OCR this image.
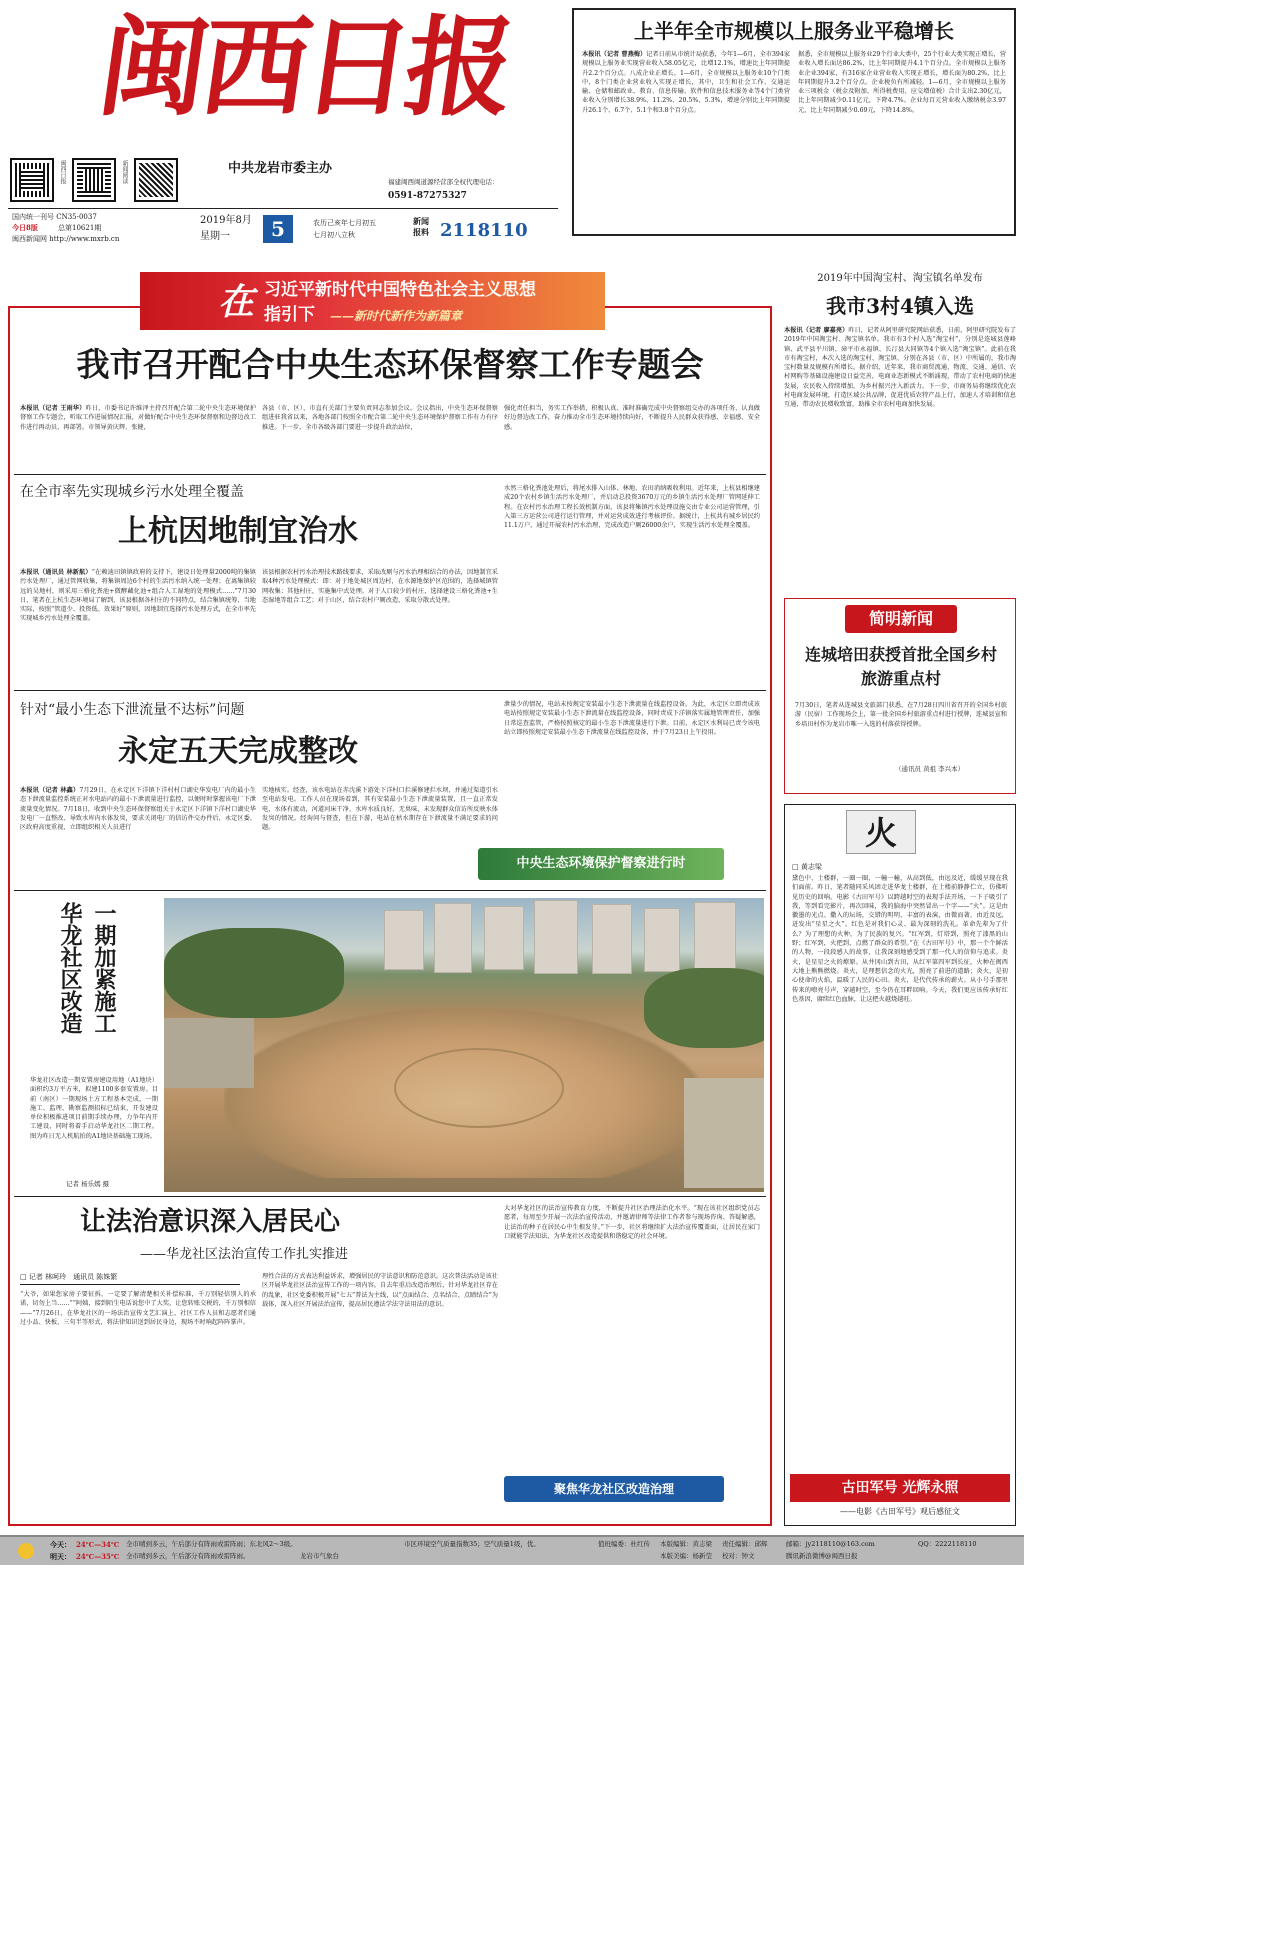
闽西日报
闽西日报	新闻阅读	中共龙岩市委主办
福建闽西闽道源经营部全权代理电话：
0591-87275327
国内统一刊号 CN35-0037
今日8版	总第10621期
闽西新闻网 http://www.mxrb.cn
2019年8月
星期一	5	农历己亥年七月初五
七月初八立秋
新闻报料 2118110
上半年全市规模以上服务业平稳增长
本报讯（记者 曹燕梅）记者日前从市统计局获悉，今年1—6月，全市394家规模以上服务业实现营业收入58.05亿元，比增12.1%，增速比上年同期提升2.2个百分点。八成企业正增长。1—6月，全市规模以上服务业10个门类中，8个门类企业营业收入实现正增长，其中，卫生和社会工作、交通运输、仓储和邮政业、教育、信息传输、软件和信息技术服务业等4个门类营业收入分别增长38.9%、11.2%、20.5%、5.3%，增速分别比上年同期提升26.1个、6.7个、5.1个和3.8个百分点。
据悉，全市规模以上服务业29个行业大类中，25个行业大类实现正增长，营业收入增长面达86.2%，比上年同期提升4.1个百分点。全市规模以上服务业企业394家，有316家企业营业收入实现正增长，增长面为80.2%，比上年同期提升3.2个百分点。企业税负有所减轻。1—6月，全市规模以上服务业三项税金（税金及附加、所得税费用、应交增值税）合计支出2.30亿元，比上年同期减少0.11亿元，下降4.7%。企业每百元营业收入缴纳税金3.97元，比上年同期减少0.69元，下降14.8%。
在 习近平新时代中国特色社会主义思想
指引下 ——新时代新作为新篇章
我市召开配合中央生态环保督察工作专题会
本报讯（记者 王雨华）昨日，市委书记许维泽主持召开配合第二轮中央生态环境保护督察工作专题会，听取工作进展情况汇报，对做好配合中央生态环保督察和边督边改工作进行再动员、再部署。市领导黄庆辉、张健，
各县（市、区）、市直有关部门主要负责同志参加会议。会议指出，中央生态环保督察组进驻我省以来，各地各部门按照全市配合第二轮中央生态环境保护督察工作有力有序推进。下一步，全市各级各部门要进一步提升政治站位，
强化责任担当，务实工作举措，积极认真、准时准确完成中央督察组交办的各项任务，认真做好边督边改工作，奋力推动全市生态环境持续向好，不断提升人民群众获得感、幸福感、安全感。
在全市率先实现城乡污水处理全覆盖
上杭因地制宜治水
本报讯（通讯员 林新航）“在赖迪田镇镇政府的支持下，建设日处理量2000吨的集镇污水处理厂，通过管网收集，将集镇周边6个村的生活污水纳入统一处理；在离集镇较远的吴地村，则采用三格化粪池+微酵藏化池+组合人工湿地的处理模式……”7月30日，笔者在上杭生态环境局了解到，该县根据各村庄的不同特点，结合集镇统筹、当地实际，按照“管道少、投资低、效果好”原则，因地制宜选择污水处理方式，在全市率先实现城乡污水处理全覆盖。
该县根据农村污水治理技术路线要求，采取改厕与污水治理相结合的办法，因地制宜采取4种污水处理模式：即：对于地处城区周边村，在水源地保护区范围的，选择城镇管网收集；其他村庄，实施集中式处理。对于人口较少的村庄，选择建设三格化粪池+生态湿地等组合工艺；对于山区，结合农村户厕改造，采取分散式处理。
水然三格化粪池处理后，将尾水排入山体、林地、农田消纳吸收利用。近年来，上杭县相继建成20个农村乡镇生活污水处理厂，并启动总投资3670万元的乡镇生活污水处理厂管网延伸工程。在农村污水治理工程长效机制方面，该县将集镇污水处理设施交由专业公司运营管理，引入第三方运营公司进行运行管理，并对运营成效进行考核评价。据统计，上杭共有城乡居民约11.1万户，通过开展农村污水治理，完成改造户厕26000余户，实现生活污水处理全覆盖。
针对“最小生态下泄流量不达标”问题
永定五天完成整改
本报讯（记者 林鑫）7月29日，在永定区下洋镇下洋村村口湖史华发电厂内的最小生态下泄流量监控系统正对水电站内的最小下泄流量进行监控，以便时时掌握该电厂下泄流量变化情况。7月18日，收到中央生态环保督察组关于永定区下洋镇下洋村口湖史华发电厂一直整改、导致水库内水体发臭，要求关闭电厂的信访件交办件后，永定区委、区政府高度重视，立即组织相关人员进行
实地核实。经查，该水电站在赤沈溪下游处下洋村口拦溪修建拦水坝，并通过渠道引水至电站发电。工作人员在现场看到，其有安装最小生态下泄流量装置，且一直正常发电，水体有流动，河道河床干净，水库水质良好、无臭味，未发现群众信访所反映水体发臭的情况。经询问与督查，但在下游，电站在枯水期存在下泄流量不满足要求的问题。
泄量少的情况，电站未按规定安装最小生态下泄流量在线监控设备。为此，永定区立即责成该电站按照规定安装最小生态下泄流量在线监控设备，同时责成下洋镇落实属地管理责任，加强日常巡查监管，严格按照核定的最小生态下泄流量进行下泄。目前，永定区水利局已责令该电站立即按照规定安装最小生态下泄流量在线监控设备，并于7月23日上午投用。
中央生态环境保护督察进行时
华龙社区改造 一期加紧施工
华龙社区改造一期安置房建设用地（A1地块）面积约3万平方米，拟建1100多套安置房。目前（南区）一期现场土方工程基本完成，一期施工、监理、勘察监测招标已结束，开发建设单位积极推进项目前期手续办理，力争年内开工建设，同时将着手启动华龙社区二期工程。图为昨日无人机航拍的A1地块基础施工现场。
记者 杨乐嫣 摄
让法治意识深入居民心
——华龙社区法治宣传工作扎实推进
□ 记者 林呵玲　通讯员 陈姝繁
“大爷，如果您家房子要征拆，一定要了解清楚相关补偿标准，千万别轻信别人的承诺，切勿上当……”“阿姨，接到陌生电话说您中了大奖，让您转账交税的，千万别相信——”7月26日，在华龙社区的一场法治宣传文艺汇演上，社区工作人员和志愿者们通过小品、快板、三句半等形式，将法律知识送到居民身边，现场不时响起阵阵掌声。
理性合法的方式表达利益诉求，增强居民的守法意识和防范意识。这次普法活动是该社区开展华龙社区法治宣传工作的一项内容。自去年重启改造治理后，针对华龙社区存在的乱象，社区党委积极开展“七五”普法为主线，以“点面结合、点名结合、点睛结合”为载体，深入社区开展法治宣传，提高居民遵法学法守法用法的意识。
大对华龙社区的法治宣传教育力度，不断提升社区治理法治化水平。“现在该社区组织党员志愿者，每周至少开展一次法治宣传活动，并邀请律师等法律工作者参与现场咨询、答疑解惑，让法治的种子在居民心中生根发芽。”下一步，社区将继续扩大法治宣传覆盖面，让居民在家门口就能学法知法，为华龙社区改造提供和谐稳定的社会环境。
聚焦华龙社区改造治理
2019年中国淘宝村、淘宝镇名单发布
我市3村4镇入选
本报讯（记者 廖嘉亮）昨日，记者从阿里研究院网站获悉，日前，阿里研究院发布了2019年中国淘宝村、淘宝镇名单。我市有3个村入选“淘宝村”，分别是连城县莲峰镇、武平县平川镇、漳平市永福镇、长汀县大同镇等4个镇入选“淘宝镇”。此前在我市有淘宝村，本次入选的淘宝村、淘宝镇、分别在各县（市、区）中所属的，我市淘宝村数量及规模有所增长。据介绍，近年来，我市商贸流通、物流、交通、通信、农村网购等基础设施建设日益完善，电商业态新模式不断涌现，带动了农村电商的快速发展，农民收入持续增加，为乡村振兴注入新活力。下一步，市商务局将继续优化农村电商发展环境，打造区域公共品牌，促进优质农特产品上行，加速人才培训和信息互通，带动农民增收致富，助推全市农村电商加快发展。
简明新闻
连城培田获授首批全国乡村旅游重点村
7月30日，笔者从连城县文旅部门获悉，在7月28日四川省召开的全国乡村旅游（民宿）工作现场会上，第一批全国乡村旅游重点村进行授牌，连城县宣和乡培田村作为龙岩市唯一入选的村落获得授牌。
（通讯员 黄祖 李兴本）
火
□ 黄志梁
黛色中，土楼群，一圈一圈，一幢一幢，从高到低，由远及近，缓缓呈现在我们面前。昨日，笔者随同采风团走进华龙土楼群，在土楼前静静伫立，仿佛听见历史的回响。电影《古田军号》以跨越时空的表现手法开场，一下子吸引了我，等到看完影片，再次回味，我的脑海中突然冒出一个字——“火”。这是由徽墨的光点、撒入的坛场，交错的明明、丰富的表演，由微而著，由近及远，迸发出“星星之火”。红色是对我们心灵、最为深刻的洗礼。革命先辈为了什么？为了理想的火种，为了民族的复兴。“红军到，灯塔到，照亮了漆黑的山野；红军到，火把到，点燃了群众的希望。”在《古田军号》中，那一个个鲜活的人物，一段段感人的故事，让我深刻地感受到了那一代人的信仰与追求。炎火，是星星之火的燎原。从井冈山到古田，从红军第四军到长征，火种在闽西大地上熊熊燃烧。炎火，是理想信念的火光，照亮了前进的道路；炎火，是初心使命的火焰，温暖了人民的心田。炎火，是代代传承的薪火。从小号手那里传来的嘹亮号声，穿越时空，至今仍在耳畔回响。今天，我们更应该传承好红色基因，赓续红色血脉，让这把火越烧越旺。
古田军号 光辉永照
——电影《古田军号》观后感征文
今天： 24℃—34℃ 全市晴到多云，午后部分有阵雨或雷阵雨；东北风2～3级。
明天： 24℃—35℃ 全市晴到多云，午后部分有阵雨或雷阵雨。	龙岩市气象台
市区环境空气质量指数35；空气质量1级，优。	值班编委：杜红传 本版编辑：黄志梁 责任编辑：邱辉
本版美编：杨新莹 校对：钟文
邮箱：jy2118110@163.com	QQ：2222118110
腾讯新浪微博@闽西日报
